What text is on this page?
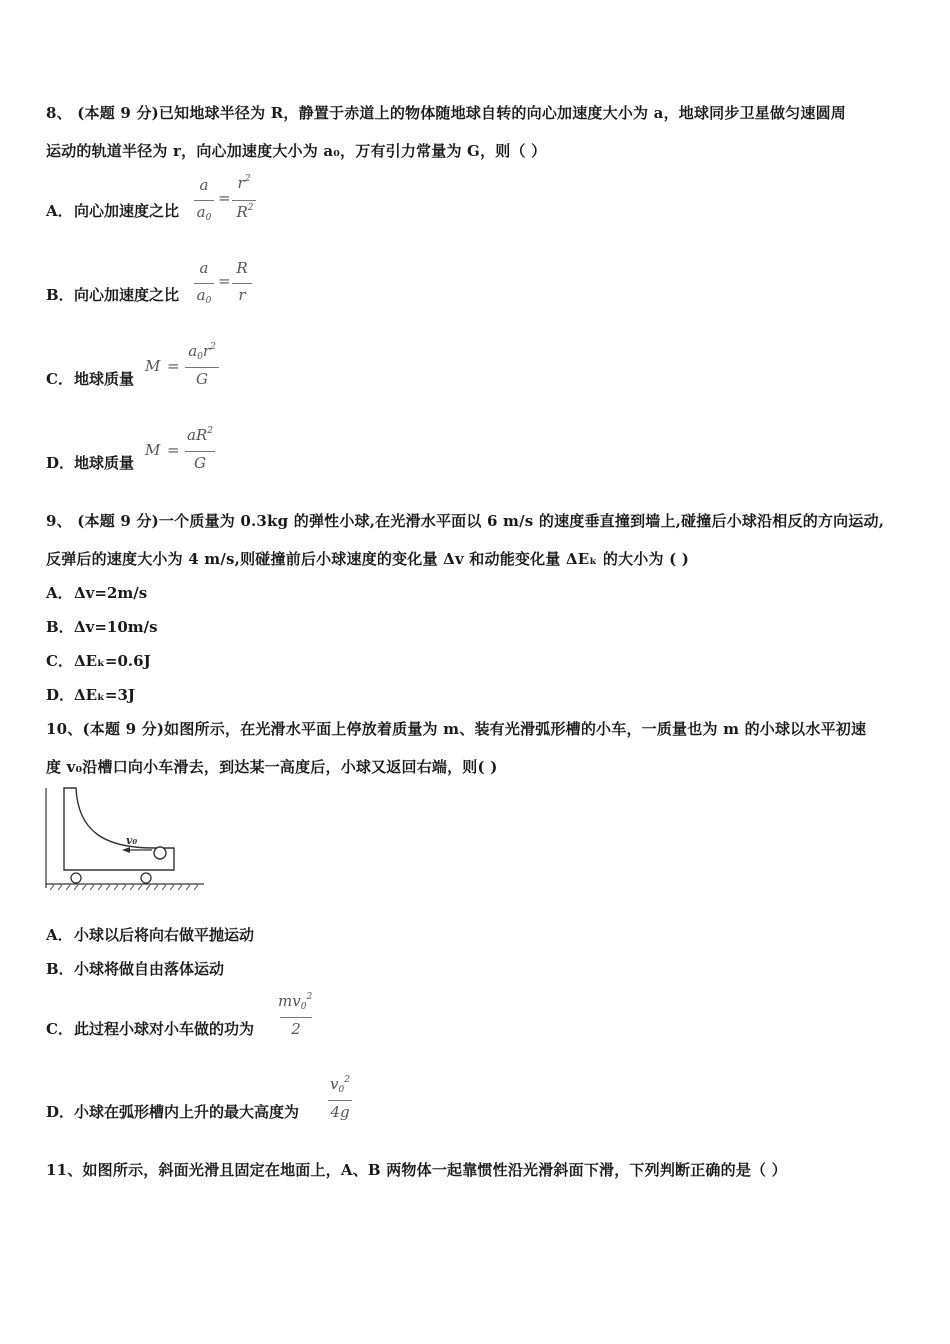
8、 (本题 9 分)已知地球半径为 R，静置于赤道上的物体随地球自转的向心加速度大小为 a，地球同步卫星做匀速圆周
运动的轨道半径为 r，向心加速度大小为 a₀，万有引力常量为 G，则（ ）
A．向心加速度之比
a
$a_0$
=
$r^2$
$R^2$
B．向心加速度之比
a
$a_0$
=
R
r
C．地球质量
M =
$a_0r^2$
G
D．地球质量
M =
$aR^2$
G
9、 (本题 9 分)一个质量为 0.3kg 的弹性小球,在光滑水平面以 6 m/s 的速度垂直撞到墙上,碰撞后小球沿相反的方向运动,
反弹后的速度大小为 4 m/s,则碰撞前后小球速度的变化量 Δv 和动能变化量 ΔEₖ 的大小为 ( )
A．Δv=2m/s
B．Δv=10m/s
C．ΔEₖ=0.6J
D．ΔEₖ=3J
10、(本题 9 分)如图所示，在光滑水平面上停放着质量为 m、装有光滑弧形槽的小车，一质量也为 m 的小球以水平初速
度 v₀沿槽口向小车滑去，到达某一高度后，小球又返回右端，则( )
v₀
A．小球以后将向右做平抛运动
B．小球将做自由落体运动
C．此过程小球对小车做的功为
$mv_0^2$
2
D．小球在弧形槽内上升的最大高度为
$v_0^2$
4g
11、如图所示，斜面光滑且固定在地面上，A、B 两物体一起靠惯性沿光滑斜面下滑，下列判断正确的是（ ）
